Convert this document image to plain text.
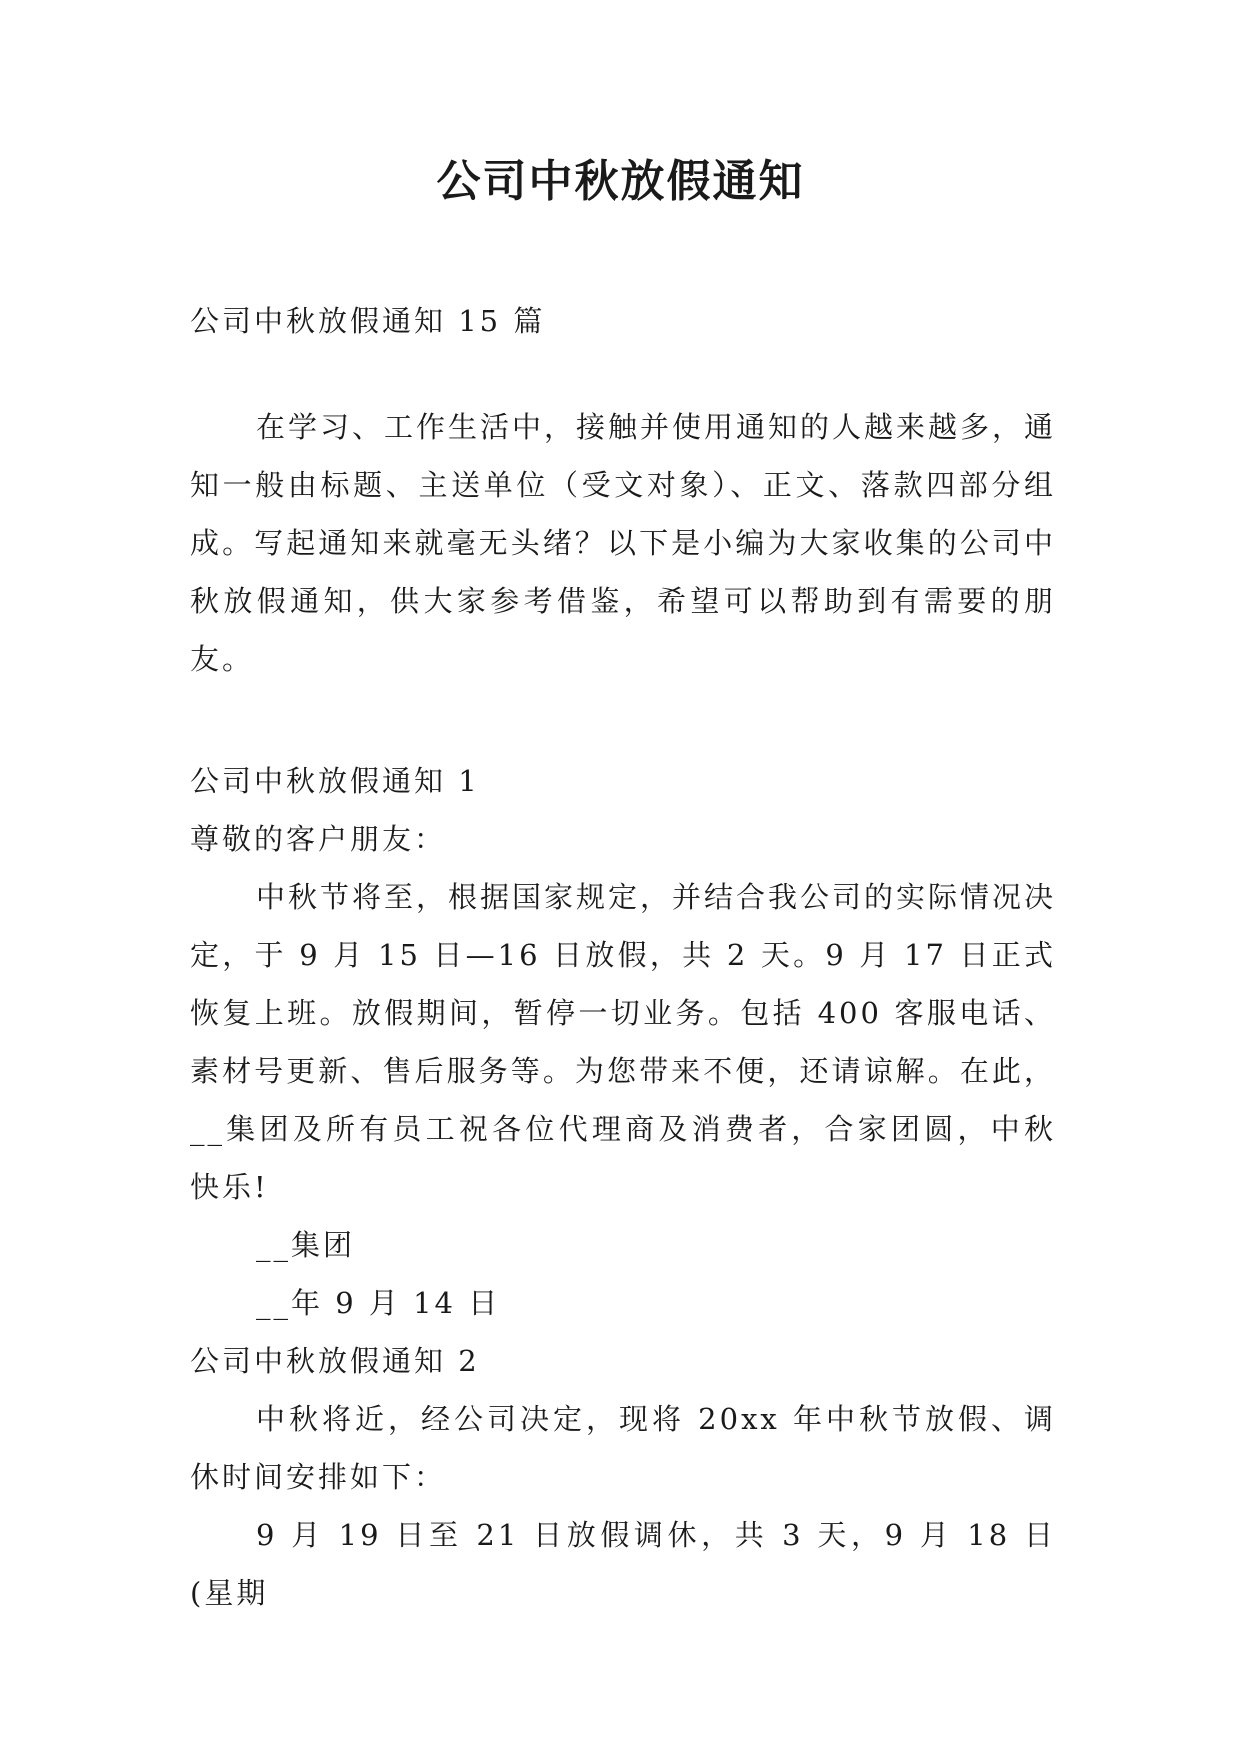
公司中秋放假通知
公司中秋放假通知 15 篇

在学习、工作生活中，接触并使用通知的人越来越多，通知一般由标题、主送单位（受文对象）、正文、落款四部分组成。写起通知来就毫无头绪？以下是小编为大家收集的公司中秋放假通知，供大家参考借鉴，希望可以帮助到有需要的朋友。

公司中秋放假通知 1

尊敬的客户朋友：

中秋节将至，根据国家规定，并结合我公司的实际情况决定，于 9 月 15 日—16 日放假，共 2 天。9 月 17 日正式恢复上班。放假期间，暂停一切业务。包括 400 客服电话、素材号更新、售后服务等。为您带来不便，还请谅解。在此，__集团及所有员工祝各位代理商及消费者，合家团圆，中秋快乐!

__集团

__年 9 月 14 日

公司中秋放假通知 2

中秋将近，经公司决定，现将 20xx 年中秋节放假、调休时间安排如下：

9 月 19 日至 21 日放假调休，共 3 天，9 月 18 日(星期
